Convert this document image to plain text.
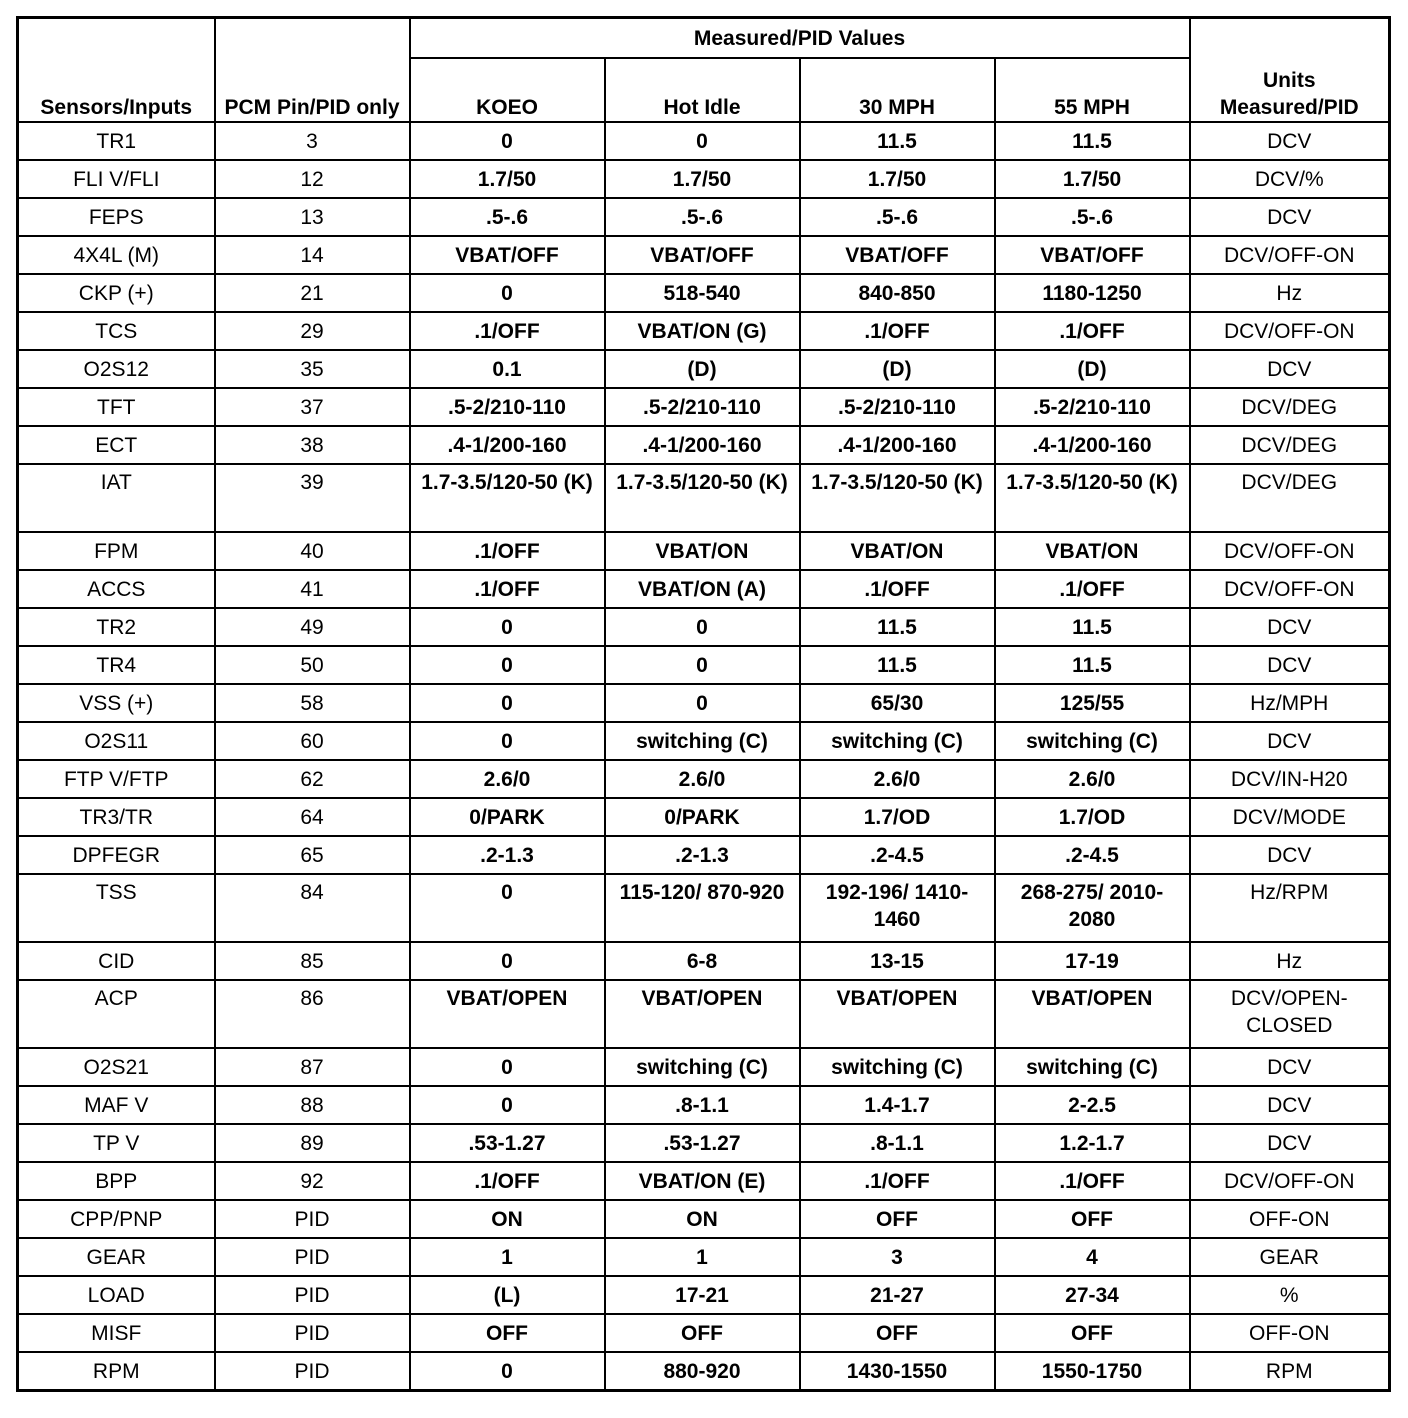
Sensors/Inputs	PCM Pin/PID only	Measured/PID Values				Units Measured/PID
		KOEO	Hot Idle	30 MPH	55 MPH	
TR1	3	0	0	11.5	11.5	DCV
FLI V/FLI	12	1.7/50	1.7/50	1.7/50	1.7/50	DCV/%
FEPS	13	.5-.6	.5-.6	.5-.6	.5-.6	DCV
4X4L (M)	14	VBAT/OFF	VBAT/OFF	VBAT/OFF	VBAT/OFF	DCV/OFF-ON
CKP (+)	21	0	518-540	840-850	1180-1250	Hz
TCS	29	.1/OFF	VBAT/ON (G)	.1/OFF	.1/OFF	DCV/OFF-ON
O2S12	35	0.1	(D)	(D)	(D)	DCV
TFT	37	.5-2/210-110	.5-2/210-110	.5-2/210-110	.5-2/210-110	DCV/DEG
ECT	38	.4-1/200-160	.4-1/200-160	.4-1/200-160	.4-1/200-160	DCV/DEG
IAT	39	1.7-3.5/120-50 (K)	1.7-3.5/120-50 (K)	1.7-3.5/120-50 (K)	1.7-3.5/120-50 (K)	DCV/DEG
FPM	40	.1/OFF	VBAT/ON	VBAT/ON	VBAT/ON	DCV/OFF-ON
ACCS	41	.1/OFF	VBAT/ON (A)	.1/OFF	.1/OFF	DCV/OFF-ON
TR2	49	0	0	11.5	11.5	DCV
TR4	50	0	0	11.5	11.5	DCV
VSS (+)	58	0	0	65/30	125/55	Hz/MPH
O2S11	60	0	switching (C)	switching (C)	switching (C)	DCV
FTP V/FTP	62	2.6/0	2.6/0	2.6/0	2.6/0	DCV/IN-H20
TR3/TR	64	0/PARK	0/PARK	1.7/OD	1.7/OD	DCV/MODE
DPFEGR	65	.2-1.3	.2-1.3	.2-4.5	.2-4.5	DCV
TSS	84	0	115-120/ 870-920	192-196/ 1410-1460	268-275/ 2010-2080	Hz/RPM
CID	85	0	6-8	13-15	17-19	Hz
ACP	86	VBAT/OPEN	VBAT/OPEN	VBAT/OPEN	VBAT/OPEN	DCV/OPEN-CLOSED
O2S21	87	0	switching (C)	switching (C)	switching (C)	DCV
MAF V	88	0	.8-1.1	1.4-1.7	2-2.5	DCV
TP V	89	.53-1.27	.53-1.27	.8-1.1	1.2-1.7	DCV
BPP	92	.1/OFF	VBAT/ON (E)	.1/OFF	.1/OFF	DCV/OFF-ON
CPP/PNP	PID	ON	ON	OFF	OFF	OFF-ON
GEAR	PID	1	1	3	4	GEAR
LOAD	PID	(L)	17-21	21-27	27-34	%
MISF	PID	OFF	OFF	OFF	OFF	OFF-ON
RPM	PID	0	880-920	1430-1550	1550-1750	RPM
